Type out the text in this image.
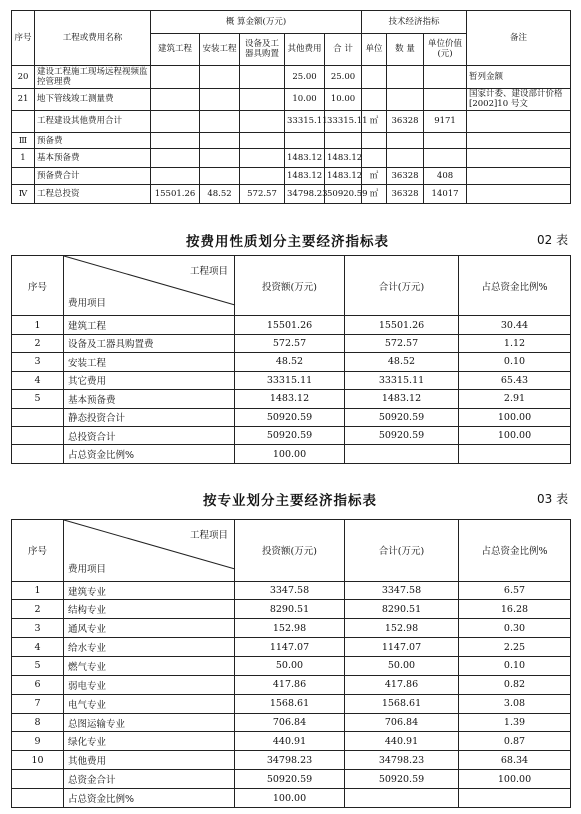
序号	工程或费用名称	概 算金额(万元)					技术经济指标			备注
		建筑工程	安装工程	设备及工器具购置	其他费用	合 计	单位	数 量	单位价值(元)	
20	建设工程施工现场远程视频监控管理费				25.00	25.00				暂列金额
21	地下管线竣工测量费				10.00	10.00				国家计委、建设部计价格[2002]10 号文
	工程建设其他费用合计				33315.11	33315.11	㎡	36328	9171	
Ⅲ	预备费									
1	基本预备费				1483.12	1483.12				
	预备费合计				1483.12	1483.12	㎡	36328	408	
Ⅳ	工程总投资	15501.26	48.52	572.57	34798.23	50920.59	㎡	36328	14017	
按费用性质划分主要经济指标表	02 表
序号	工程项目
费用项目	投资额(万元)	合计(万元)	占总资金比例%
1	建筑工程	15501.26	15501.26	30.44
2	设备及工器具购置费	572.57	572.57	1.12
3	安装工程	48.52	48.52	0.10
4	其它费用	33315.11	33315.11	65.43
5	基本预备费	1483.12	1483.12	2.91
	静态投资合计	50920.59	50920.59	100.00
	总投资合计	50920.59	50920.59	100.00
	占总资金比例%	100.00		
按专业划分主要经济指标表	03 表
序号	工程项目
费用项目	投资额(万元)	合计(万元)	占总资金比例%
1	建筑专业	3347.58	3347.58	6.57
2	结构专业	8290.51	8290.51	16.28
3	通风专业	152.98	152.98	0.30
4	给水专业	1147.07	1147.07	2.25
5	燃气专业	50.00	50.00	0.10
6	弱电专业	417.86	417.86	0.82
7	电气专业	1568.61	1568.61	3.08
8	总图运输专业	706.84	706.84	1.39
9	绿化专业	440.91	440.91	0.87
10	其他费用	34798.23	34798.23	68.34
	总资金合计	50920.59	50920.59	100.00
	占总资金比例%	100.00		
